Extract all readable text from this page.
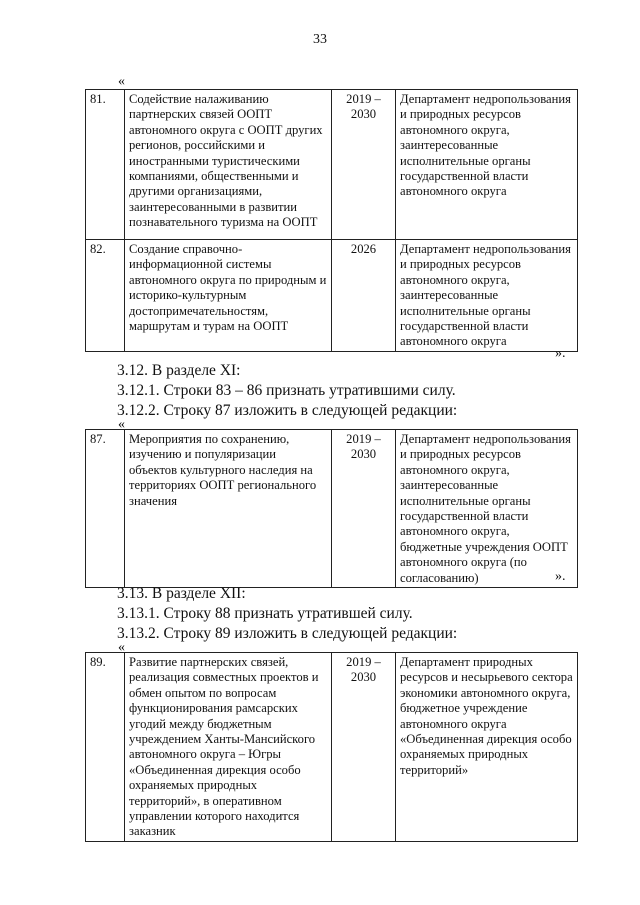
33
«
81.	Содействие налаживанию партнерских связей ООПТ автономного округа с ООПТ других регионов, российскими и иностранными туристическими компаниями, общественными и другими организациями, заинтересованными в развитии познавательного туризма на ООПТ	2019 – 2030	Департамент недропользования и природных ресурсов автономного округа, заинтересованные исполнительные органы государственной власти автономного округа
82.	Создание справочно-информационной системы автономного округа по природным и историко-культурным достопримечательностям, маршрутам и турам на ООПТ	2026	Департамент недропользования и природных ресурсов автономного округа, заинтересованные исполнительные органы государственной власти автономного округа
».
3.12. В разделе XI:
3.12.1. Строки 83 – 86 признать утратившими силу.
3.12.2. Строку 87 изложить в следующей редакции:
«
87.	Мероприятия по сохранению, изучению и популяризации объектов культурного наследия на территориях ООПТ регионального значения	2019 – 2030	Департамент недропользования и природных ресурсов автономного округа, заинтересованные исполнительные органы государственной власти автономного округа, бюджетные учреждения ООПТ автономного округа (по согласованию)	».
3.13. В разделе XII:
3.13.1. Строку 88 признать утратившей силу.
3.13.2. Строку 89 изложить в следующей редакции:
«
89.	Развитие партнерских связей, реализация совместных проектов и обмен опытом по вопросам функционирования рамсарских угодий между бюджетным учреждением Ханты-Мансийского автономного округа – Югры «Объединенная дирекция особо охраняемых природных территорий», в оперативном управлении которого находится заказник	2019 – 2030	Департамент природных ресурсов и несырьевого сектора экономики автономного округа, бюджетное учреждение автономного округа «Объединенная дирекция особо охраняемых природных территорий»
